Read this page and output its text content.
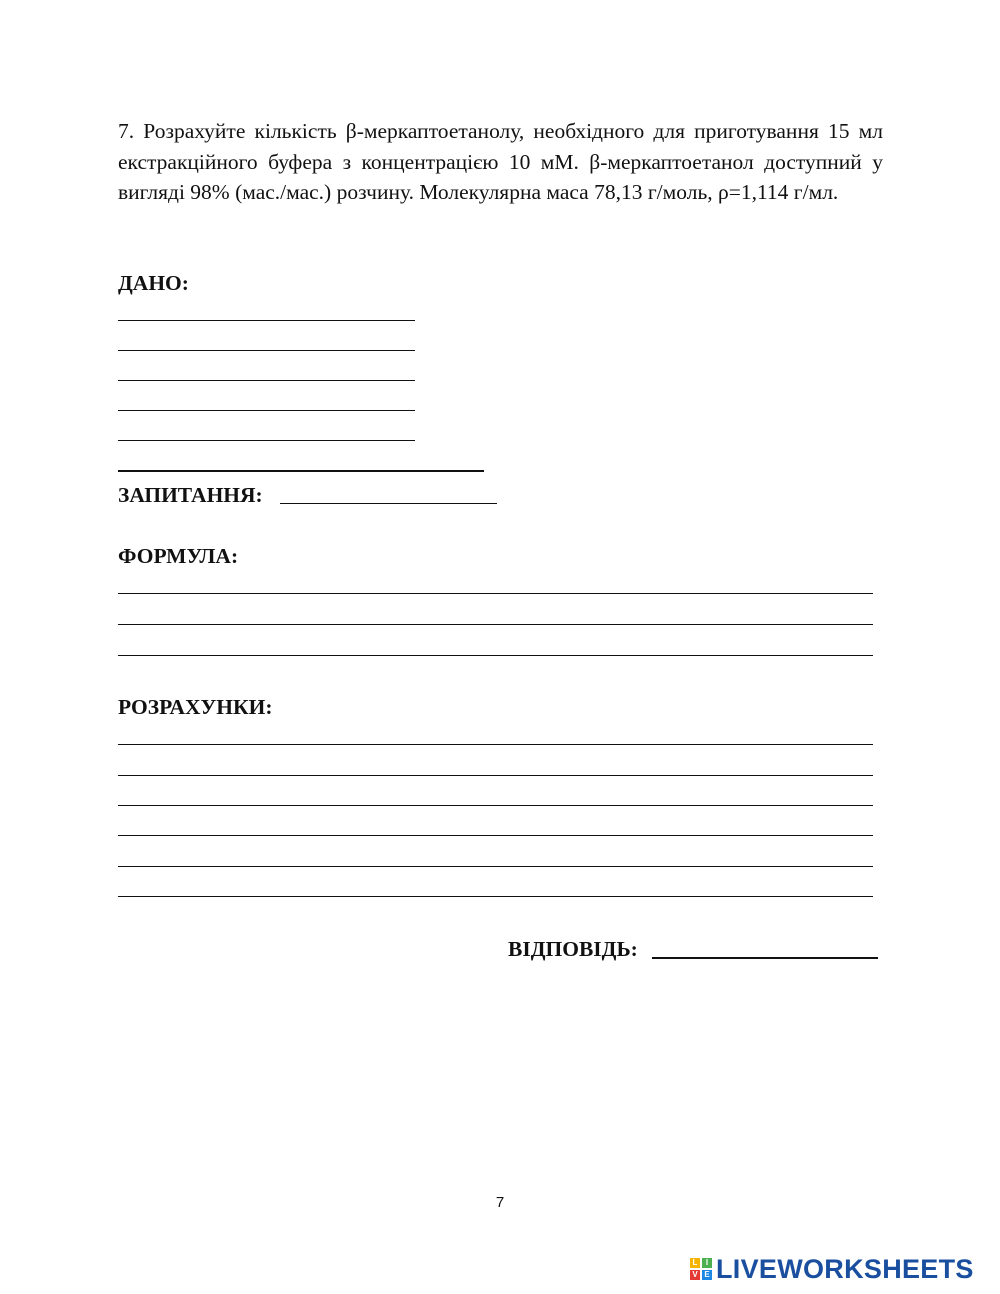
7. Розрахуйте кількість β-меркаптоетанолу, необхідного для приготування 15 мл екстракційного буфера з концентрацією 10 мМ. β-меркаптоетанол доступний у вигляді 98% (мас./мас.) розчину. Молекулярна маса 78,13 г/моль, ρ=1,114 г/мл.

ДАНО:
ЗАПИТАННЯ:
ФОРМУЛА:
РОЗРАХУНКИ:
ВІДПОВІДЬ:
7
L	I
V E LIVEWORKSHEETS
